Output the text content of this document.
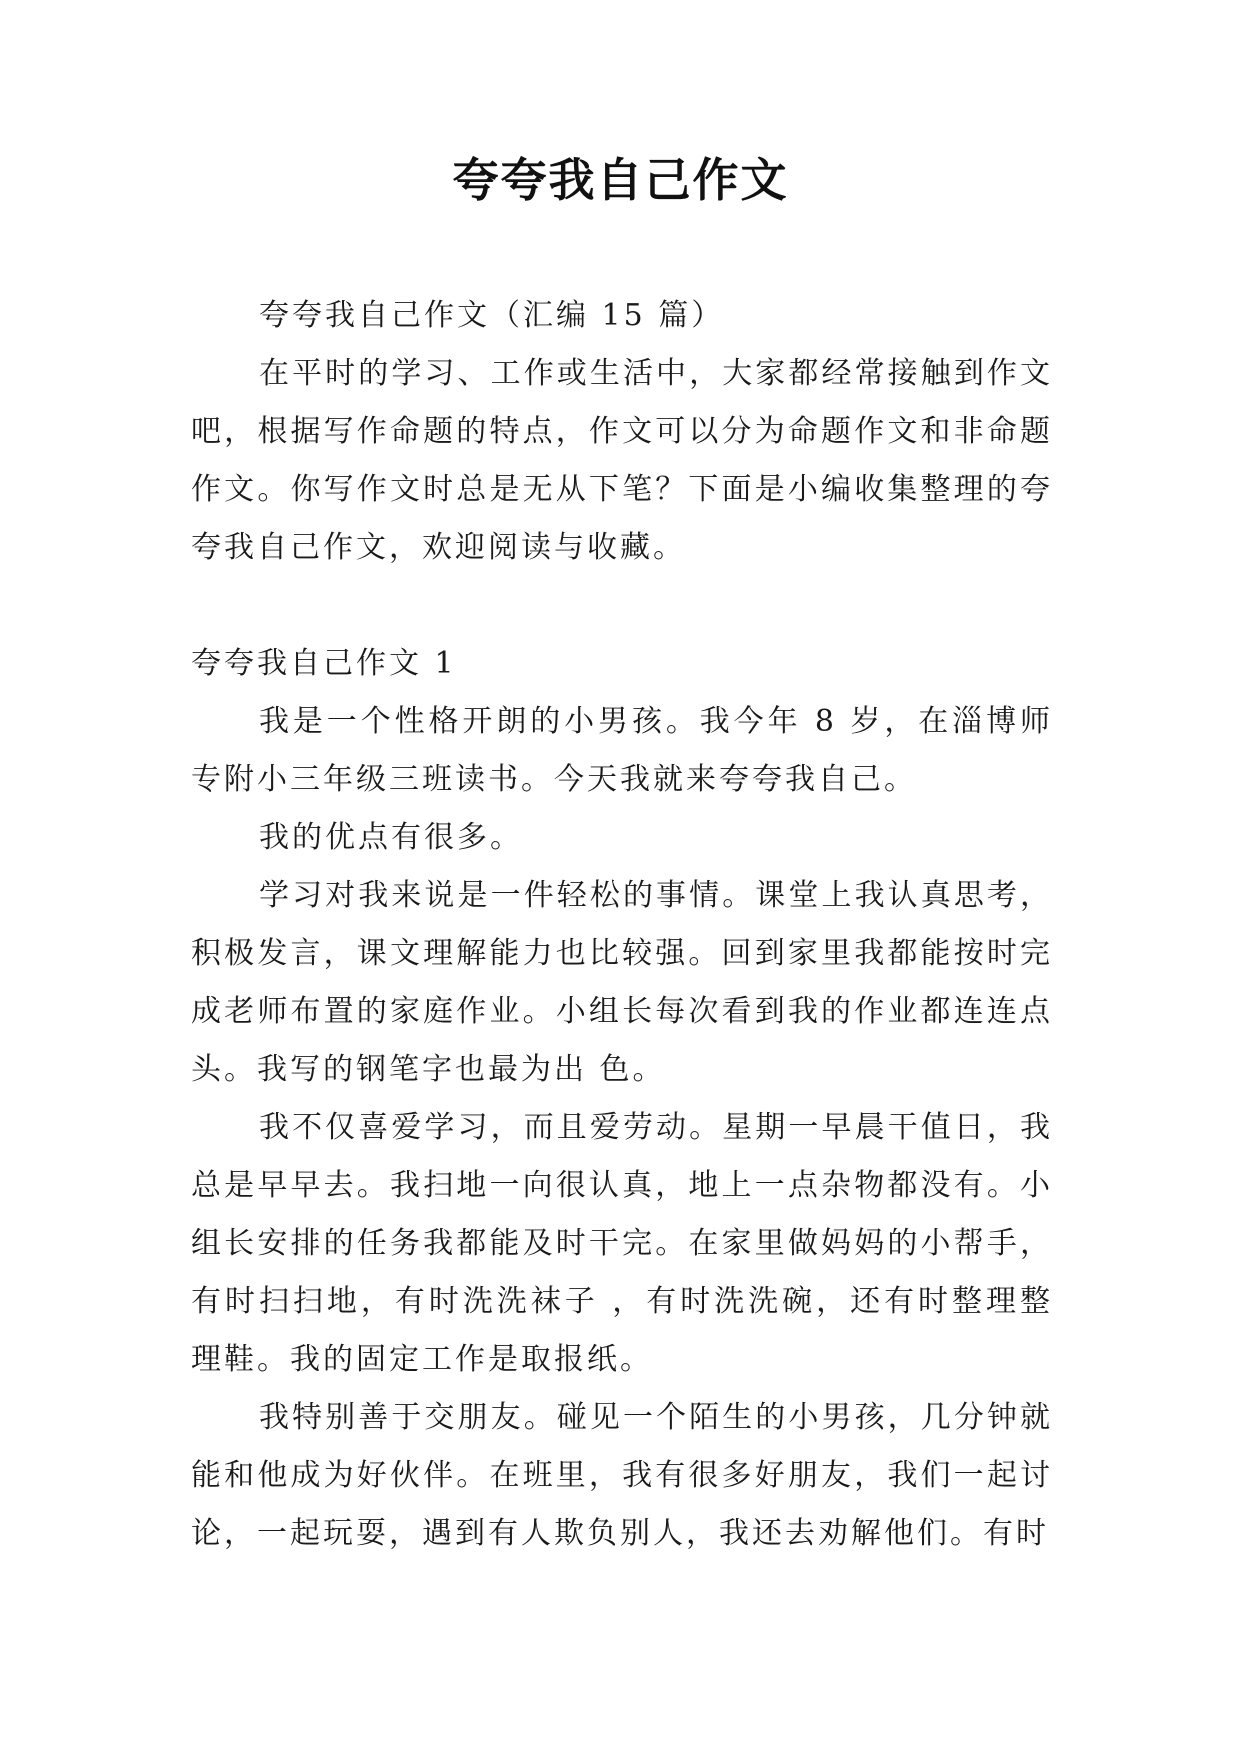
夸夸我自己作文

夸夸我自己作文（汇编 15 篇）

在平时的学习、工作或生活中，大家都经常接触到作文吧，根据写作命题的特点，作文可以分为命题作文和非命题作文。你写作文时总是无从下笔？下面是小编收集整理的夸夸我自己作文，欢迎阅读与收藏。

夸夸我自己作文 1

我是一个性格开朗的小男孩。我今年 8 岁，在淄博师专附小三年级三班读书。今天我就来夸夸我自己。

我的优点有很多。

学习对我来说是一件轻松的事情。课堂上我认真思考，积极发言，课文理解能力也比较强。回到家里我都能按时完成老师布置的家庭作业。小组长每次看到我的作业都连连点头。我写的钢笔字也最为出 色。

我不仅喜爱学习，而且爱劳动。星期一早晨干值日，我总是早早去。我扫地一向很认真，地上一点杂物都没有。小组长安排的任务我都能及时干完。在家里做妈妈的小帮手，有时扫扫地，有时洗洗袜子 ，有时洗洗碗，还有时整理整理鞋。我的固定工作是取报纸。

我特别善于交朋友。碰见一个陌生的小男孩，几分钟就能和他成为好伙伴。在班里，我有很多好朋友，我们一起讨论，一起玩耍，遇到有人欺负别人，我还去劝解他们。有时
